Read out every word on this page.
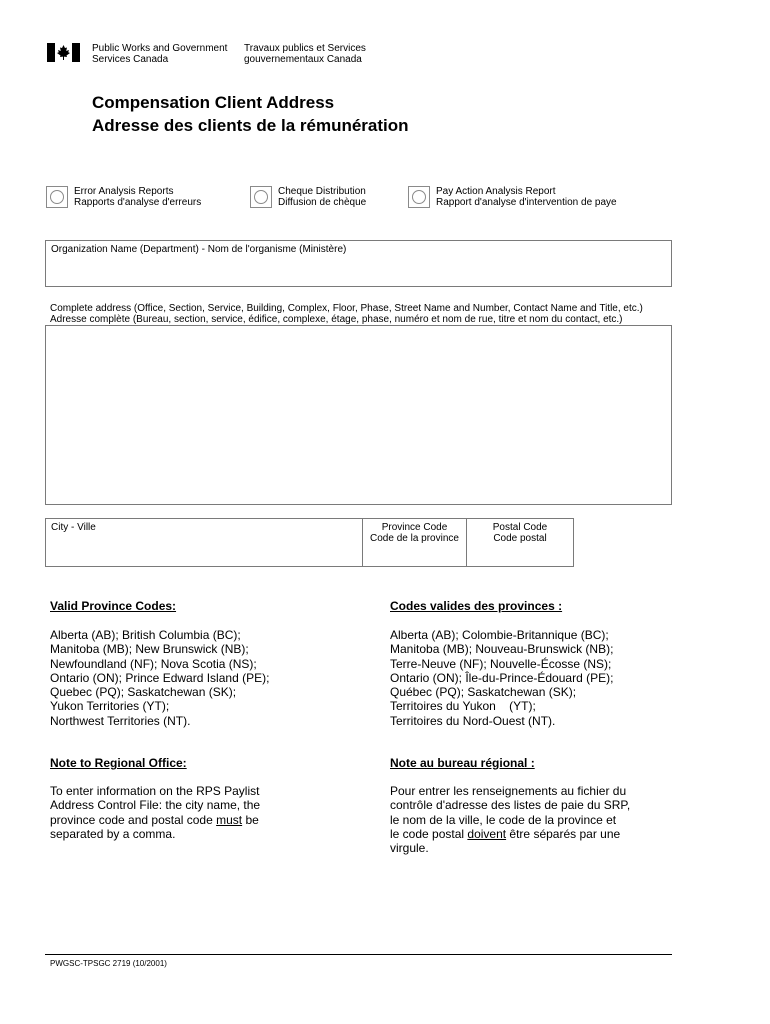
Public Works and Government
Services Canada
Travaux publics et Services
gouvernementaux Canada
Compensation Client Address
Adresse des clients de la rémunération
Error Analysis Reports
Rapports d'analyse d'erreurs
Cheque Distribution
Diffusion de chèque
Pay Action Analysis Report
Rapport d'analyse d'intervention de paye
Organization Name (Department) - Nom de l'organisme (Ministère)
Complete address (Office, Section, Service, Building, Complex, Floor, Phase, Street Name and Number, Contact Name and Title, etc.)
Adresse complète (Bureau, section, service, édifice, complexe, étage, phase, numéro et nom de rue, titre et nom du contact, etc.)
City - Ville	Province Code
Code de la province
Postal Code
Code postal
Valid Province Codes:
Alberta (AB); British Columbia (BC);
Manitoba (MB); New Brunswick (NB);
Newfoundland (NF); Nova Scotia (NS);
Ontario (ON); Prince Edward Island (PE);
Quebec (PQ); Saskatchewan (SK);
Yukon Territories (YT);
Northwest Territories (NT).
Codes valides des provinces :
Alberta (AB); Colombie-Britannique (BC);
Manitoba (MB); Nouveau-Brunswick (NB);
Terre-Neuve (NF); Nouvelle-Écosse (NS);
Ontario (ON); Île-du-Prince-Édouard (PE);
Québec (PQ); Saskatchewan (SK);
Territoires du Yukon    (YT);
Territoires du Nord-Ouest (NT).
Note to Regional Office:
To enter information on the RPS Paylist
Address Control File: the city name, the
province code and postal code must be
separated by a comma.
Note au bureau régional :
Pour entrer les renseignements au fichier du
contrôle d'adresse des listes de paie du SRP,
le nom de la ville, le code de la province et
le code postal doivent être séparés par une
virgule.
PWGSC-TPSGC 2719 (10/2001)
